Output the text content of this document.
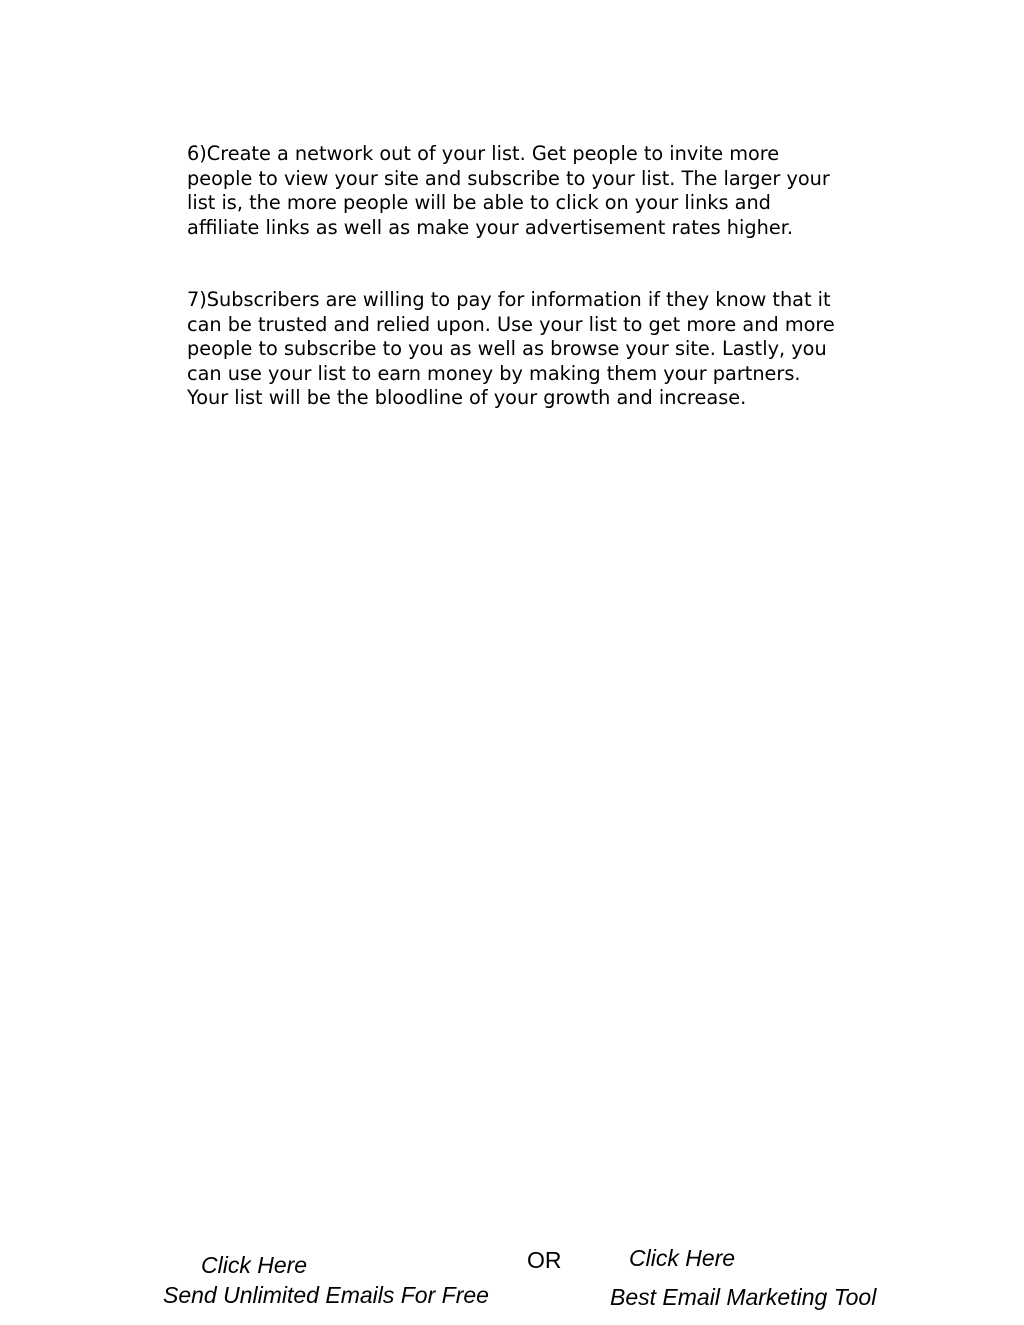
6)Create a network out of your list. Get people to invite more
people to view your site and subscribe to your list. The larger your
list is, the more people will be able to click on your links and
affiliate links as well as make your advertisement rates higher.
7)Subscribers are willing to pay for information if they know that it
can be trusted and relied upon. Use your list to get more and more
people to subscribe to you as well as browse your site. Lastly, you
can use your list to earn money by making them your partners.
Your list will be the bloodline of your growth and increase.
Click Here
Send Unlimited Emails For Free
OR	Click Here
Best Email Marketing Tool
